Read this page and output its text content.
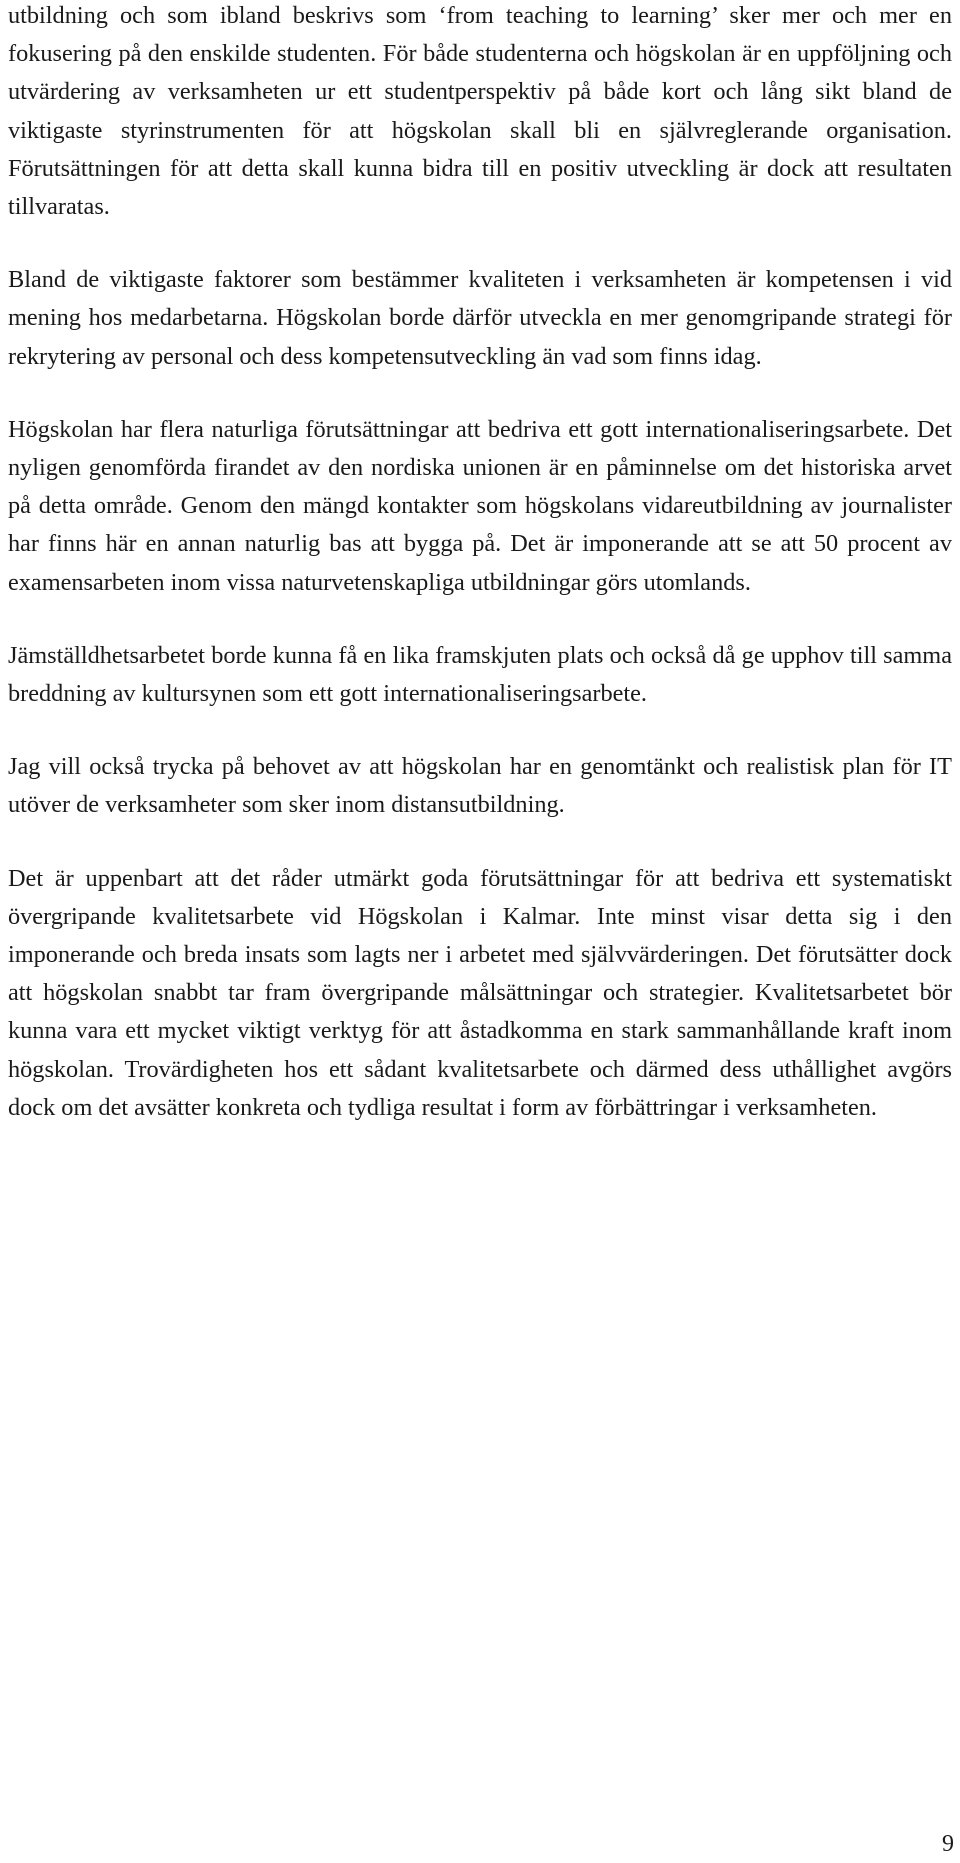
utbildning och som ibland beskrivs som ‘from teaching to learning’ sker mer och mer en fokusering på den enskilde studenten. För både studenterna och högskolan är en uppföljning och utvärdering av verksamheten ur ett studentperspektiv på både kort och lång sikt bland de viktigaste styrinstrumenten för att högskolan skall bli en självreglerande organisation. Förutsättningen för att detta skall kunna bidra till en positiv utveckling är dock att resultaten tillvaratas.

Bland de viktigaste faktorer som bestämmer kvaliteten i verksamheten är kompetensen i vid mening hos medarbetarna. Högskolan borde därför utveckla en mer genomgripande strategi för rekrytering av personal och dess kompetensutveckling än vad som finns idag.

Högskolan har flera naturliga förutsättningar att bedriva ett gott internationaliseringsarbete. Det nyligen genomförda firandet av den nordiska unionen är en påminnelse om det historiska arvet på detta område. Genom den mängd kontakter som högskolans vidareutbildning av journalister har finns här en annan naturlig bas att bygga på. Det är imponerande att se att 50 procent av examensarbeten inom vissa naturvetenskapliga utbildningar görs utomlands.

Jämställdhetsarbetet borde kunna få en lika framskjuten plats och också då ge upphov till samma breddning av kultursynen som ett gott internationaliseringsarbete.

Jag vill också trycka på behovet av att högskolan har en genomtänkt och realistisk plan för IT utöver de verksamheter som sker inom distansutbildning.

Det är uppenbart att det råder utmärkt goda förutsättningar för att bedriva ett systematiskt övergripande kvalitetsarbete vid Högskolan i Kalmar. Inte minst visar detta sig i den imponerande och breda insats som lagts ner i arbetet med självvärderingen. Det förutsätter dock att högskolan snabbt tar fram övergripande målsättningar och strategier. Kvalitetsarbetet bör kunna vara ett mycket viktigt verktyg för att åstadkomma en stark sammanhållande kraft inom högskolan. Trovärdigheten hos ett sådant kvalitetsarbete och därmed dess uthållighet avgörs dock om det avsätter konkreta och tydliga resultat i form av förbättringar i verksamheten.

9
